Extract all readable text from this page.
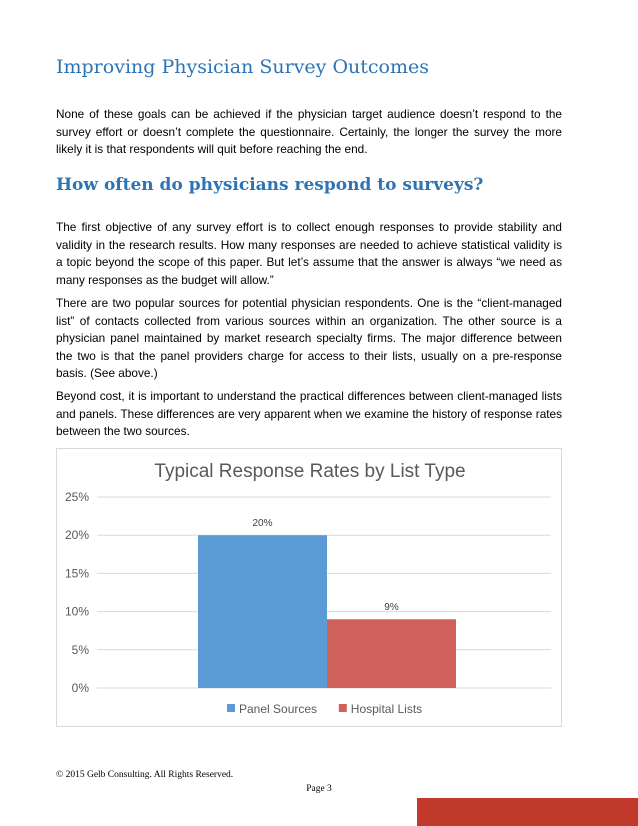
Improving Physician Survey Outcomes

None of these goals can be achieved if the physician target audience doesn’t respond to the survey effort or doesn’t complete the questionnaire. Certainly, the longer the survey the more likely it is that respondents will quit before reaching the end.

How often do physicians respond to surveys?

The first objective of any survey effort is to collect enough responses to provide stability and validity in the research results. How many responses are needed to achieve statistical validity is a topic beyond the scope of this paper. But let’s assume that the answer is always “we need as many responses as the budget will allow.”

There are two popular sources for potential physician respondents. One is the “client-managed list” of contacts collected from various sources within an organization. The other source is a physician panel maintained by market research specialty firms. The major difference between the two is that the panel providers charge for access to their lists, usually on a pre-response basis. (See above.)

Beyond cost, it is important to understand the practical differences between client-managed lists and panels. These differences are very apparent when we examine the history of response rates between the two sources.

Typical Response Rates by List Type
0%
5%
10%
15%
20%
25%
20%
9%
Panel Sources	Hospital Lists
© 2015 Gelb Consulting. All Rights Reserved.
Page 3
